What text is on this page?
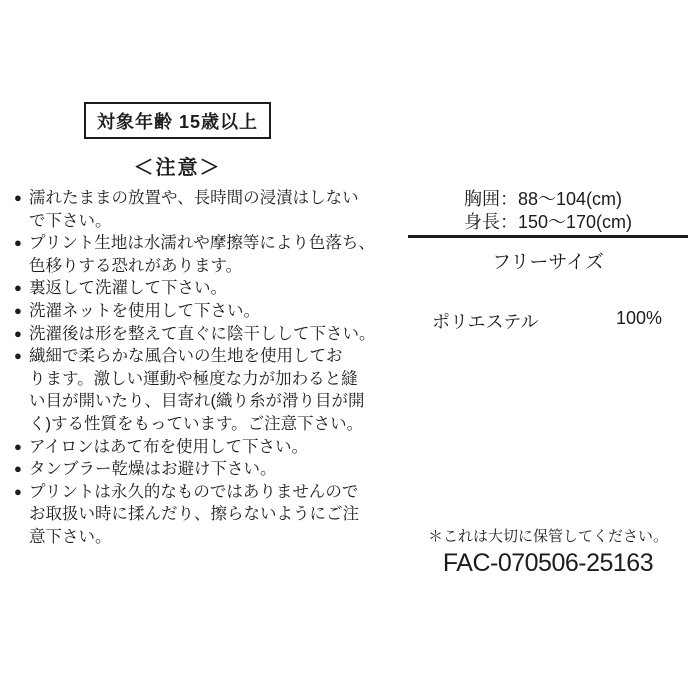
対象年齢 15歳以上
＜注意＞
● 濡れたままの放置や、長時間の浸漬はしない
で下さい。
● プリント生地は水濡れや摩擦等により色落ち、
色移りする恐れがあります。
● 裏返して洗濯して下さい。
● 洗濯ネットを使用して下さい。
● 洗濯後は形を整えて直ぐに陰干しして下さい。
● 繊細で柔らかな風合いの生地を使用してお
ります。激しい運動や極度な力が加わると縫
い目が開いたり、目寄れ(織り糸が滑り目が開
く)する性質をもっています。ご注意下さい。
● アイロンはあて布を使用して下さい。
● タンブラー乾燥はお避け下さい。
● プリントは永久的なものではありませんので
お取扱い時に揉んだり、擦らないようにご注
意下さい。
胸囲：88～104(cm)
身長：150～170(cm)
フリーサイズ
ポリエステル	100%
＊これは大切に保管してください。
FAC-070506-25163
